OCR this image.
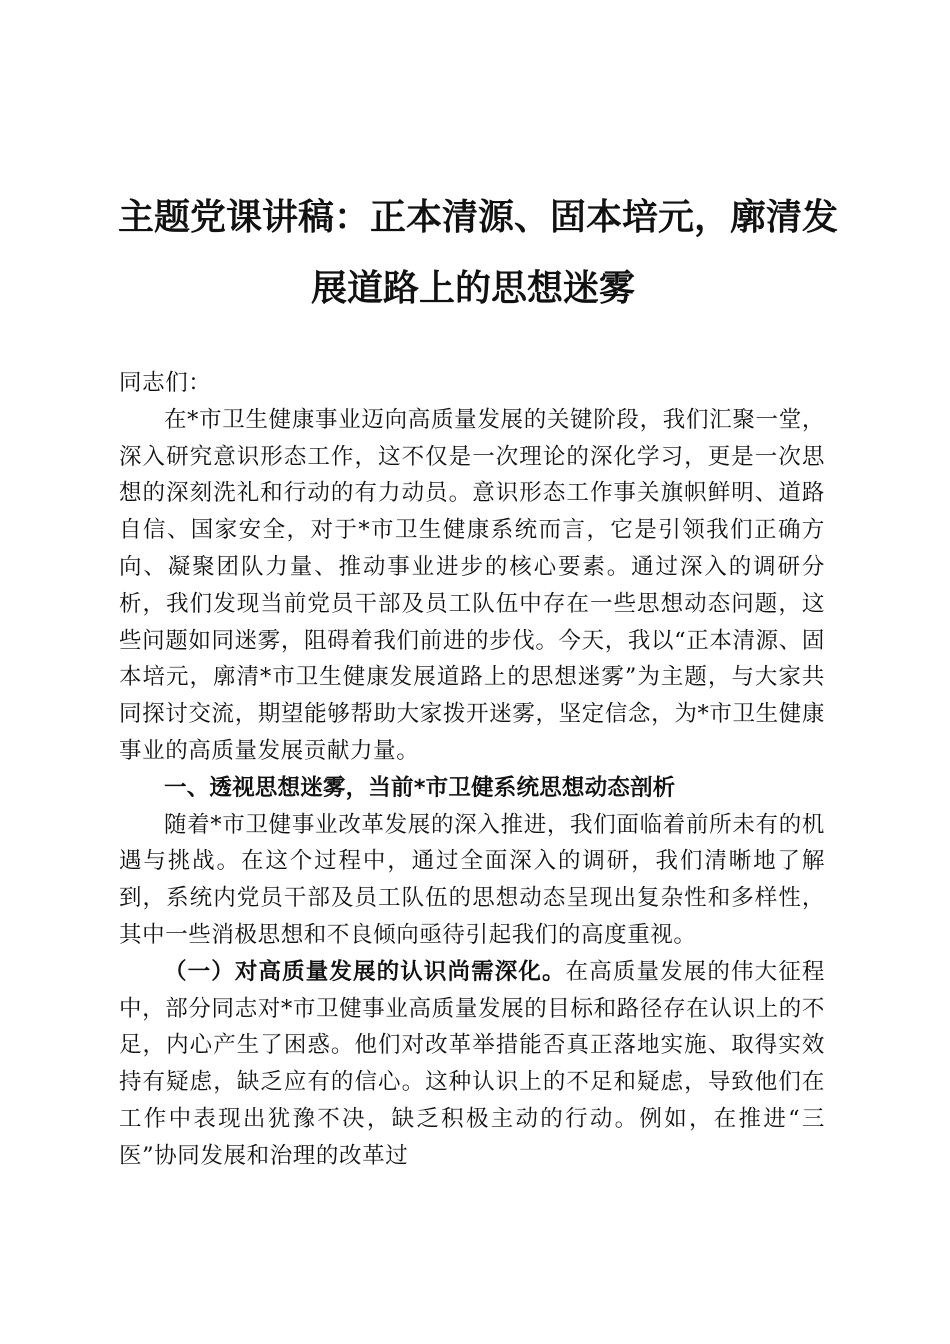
主题党课讲稿：正本清源、固本培元，廓清发
展道路上的思想迷雾

同志们：

在*市卫生健康事业迈向高质量发展的关键阶段，我们汇聚一堂，深入研究意识形态工作，这不仅是一次理论的深化学习，更是一次思想的深刻洗礼和行动的有力动员。意识形态工作事关旗帜鲜明、道路自信、国家安全，对于*市卫生健康系统而言，它是引领我们正确方向、凝聚团队力量、推动事业进步的核心要素。通过深入的调研分析，我们发现当前党员干部及员工队伍中存在一些思想动态问题，这些问题如同迷雾，阻碍着我们前进的步伐。今天，我以“正本清源、固本培元，廓清*市卫生健康发展道路上的思想迷雾”为主题，与大家共同探讨交流，期望能够帮助大家拨开迷雾，坚定信念，为*市卫生健康事业的高质量发展贡献力量。

一、透视思想迷雾，当前*市卫健系统思想动态剖析

随着*市卫健事业改革发展的深入推进，我们面临着前所未有的机遇与挑战。在这个过程中，通过全面深入的调研，我们清晰地了解到，系统内党员干部及员工队伍的思想动态呈现出复杂性和多样性，其中一些消极思想和不良倾向亟待引起我们的高度重视。

（一）对高质量发展的认识尚需深化。在高质量发展的伟大征程中，部分同志对*市卫健事业高质量发展的目标和路径存在认识上的不足，内心产生了困惑。他们对改革举措能否真正落地实施、取得实效持有疑虑，缺乏应有的信心。这种认识上的不足和疑虑，导致他们在工作中表现出犹豫不决，缺乏积极主动的行动。例如，在推进“三医”协同发展和治理的改革过
